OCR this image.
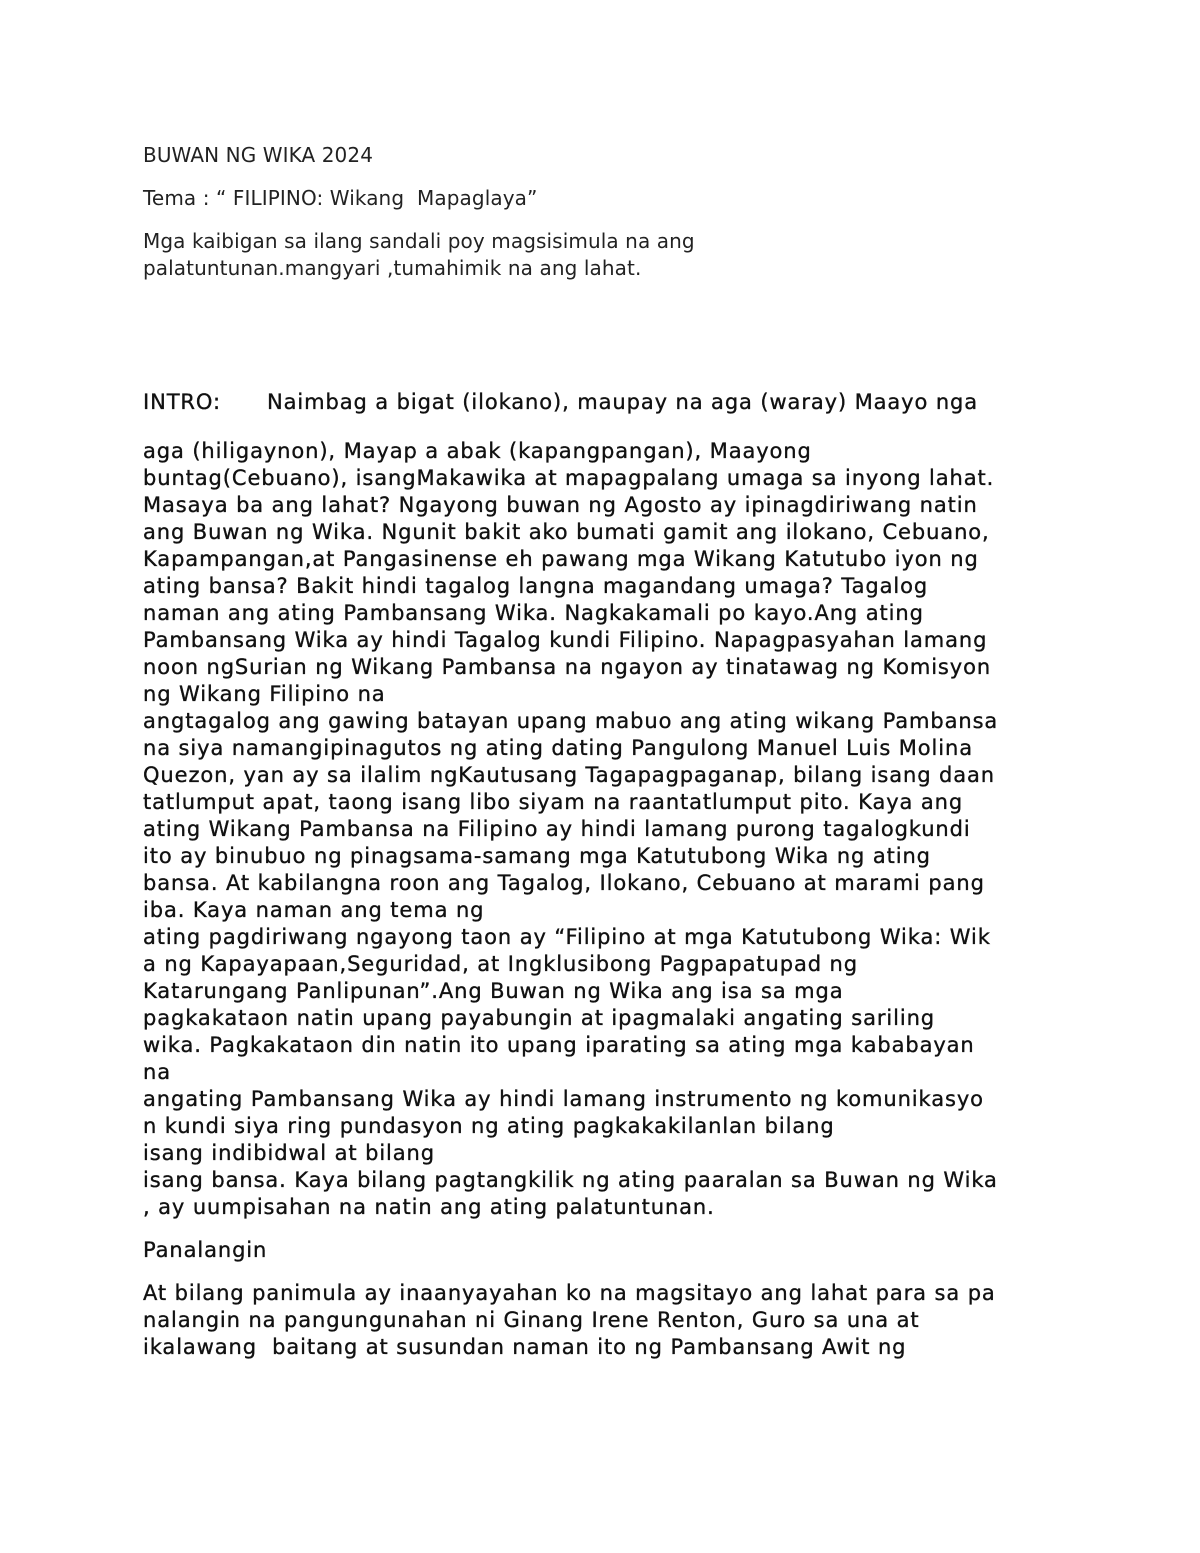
BUWAN NG WIKA 2024
Tema : “ FILIPINO: Wikang  Mapaglaya”
Mga kaibigan sa ilang sandali poy magsisimula na ang
palatuntunan.mangyari ,tumahimik na ang lahat.
INTRO: Naimbag a bigat (ilokano), maupay na aga (waray) Maayo nga
aga (hiligaynon), Mayap a abak (kapangpangan), Maayong
buntag(Cebuano), isangMakawika at mapagpalang umaga sa inyong lahat.
Masaya ba ang lahat? Ngayong buwan ng Agosto ay ipinagdiriwang natin
ang Buwan ng Wika. Ngunit bakit ako bumati gamit ang ilokano, Cebuano,
Kapampangan,at Pangasinense eh pawang mga Wikang Katutubo iyon ng
ating bansa? Bakit hindi tagalog langna magandang umaga? Tagalog
naman ang ating Pambansang Wika. Nagkakamali po kayo.Ang ating
Pambansang Wika ay hindi Tagalog kundi Filipino. Napagpasyahan lamang
noon ngSurian ng Wikang Pambansa na ngayon ay tinatawag ng Komisyon
ng Wikang Filipino na
angtagalog ang gawing batayan upang mabuo ang ating wikang Pambansa
na siya namangipinagutos ng ating dating Pangulong Manuel Luis Molina
Quezon, yan ay sa ilalim ngKautusang Tagapagpaganap, bilang isang daan
tatlumput apat, taong isang libo siyam na raantatlumput pito. Kaya ang
ating Wikang Pambansa na Filipino ay hindi lamang purong tagalogkundi
ito ay binubuo ng pinagsama-samang mga Katutubong Wika ng ating
bansa. At kabilangna roon ang Tagalog, Ilokano, Cebuano at marami pang
iba. Kaya naman ang tema ng
ating pagdiriwang ngayong taon ay “Filipino at mga Katutubong Wika: Wik
a ng Kapayapaan,Seguridad, at Ingklusibong Pagpapatupad ng
Katarungang Panlipunan”.Ang Buwan ng Wika ang isa sa mga
pagkakataon natin upang payabungin at ipagmalaki angating sariling
wika. Pagkakataon din natin ito upang iparating sa ating mga kababayan
na
angating Pambansang Wika ay hindi lamang instrumento ng komunikasyo
n kundi siya ring pundasyon ng ating pagkakakilanlan bilang
isang indibidwal at bilang
isang bansa. Kaya bilang pagtangkilik ng ating paaralan sa Buwan ng Wika
, ay uumpisahan na natin ang ating palatuntunan.
Panalangin
At bilang panimula ay inaanyayahan ko na magsitayo ang lahat para sa pa
nalangin na pangungunahan ni Ginang Irene Renton, Guro sa una at
ikalawang  baitang at susundan naman ito ng Pambansang Awit ng
